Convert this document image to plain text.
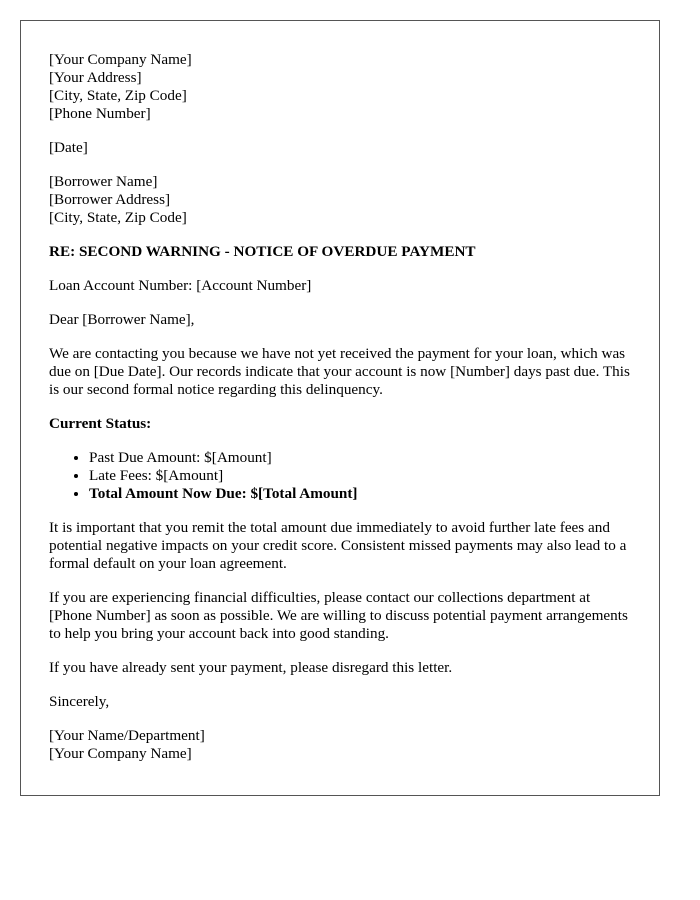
[Your Company Name]
[Your Address]
[City, State, Zip Code]
[Phone Number]
[Date]
[Borrower Name]
[Borrower Address]
[City, State, Zip Code]
RE: SECOND WARNING - NOTICE OF OVERDUE PAYMENT

Loan Account Number: [Account Number]

Dear [Borrower Name],

We are contacting you because we have not yet received the payment for your loan, which was due on [Due Date]. Our records indicate that your account is now [Number] days past due. This is our second formal notice regarding this delinquency.

Current Status:
• Past Due Amount: $[Amount]
• Late Fees: $[Amount]
• Total Amount Now Due: $[Total Amount]

It is important that you remit the total amount due immediately to avoid further late fees and potential negative impacts on your credit score. Consistent missed payments may also lead to a formal default on your loan agreement.

If you are experiencing financial difficulties, please contact our collections department at [Phone Number] as soon as possible. We are willing to discuss potential payment arrangements to help you bring your account back into good standing.

If you have already sent your payment, please disregard this letter.

Sincerely,

[Your Name/Department]
[Your Company Name]
